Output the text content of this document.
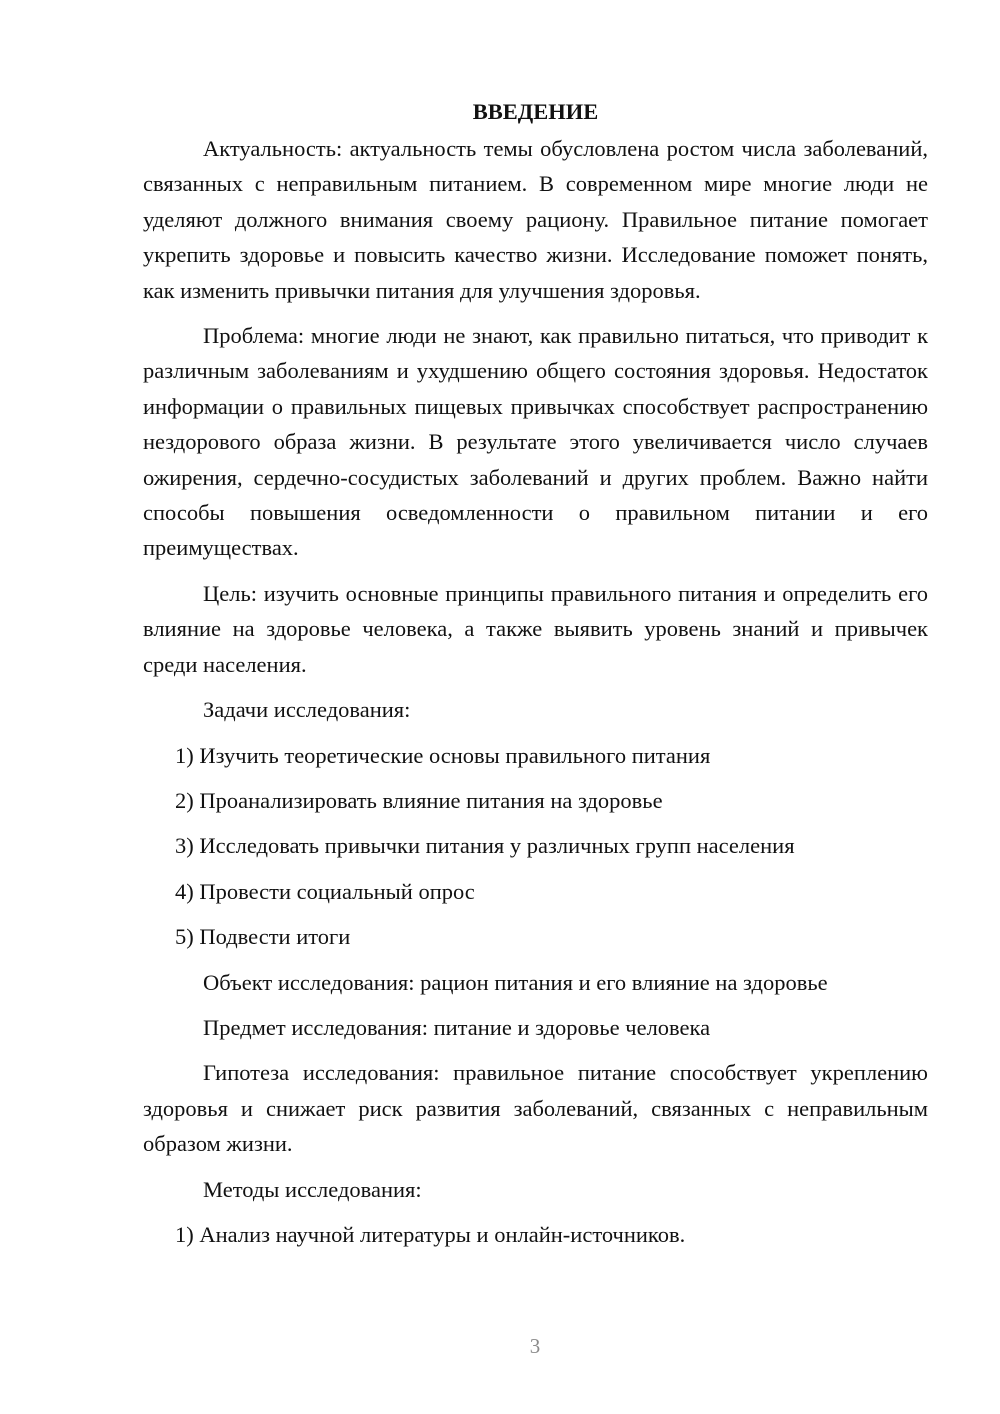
ВВЕДЕНИЕ

Актуальность: актуальность темы обусловлена ростом числа заболеваний, связанных с неправильным питанием. В современном мире многие люди не уделяют должного внимания своему рациону. Правильное питание помогает укрепить здоровье и повысить качество жизни. Исследование поможет понять, как изменить привычки питания для улучшения здоровья.

Проблема: многие люди не знают, как правильно питаться, что приводит к различным заболеваниям и ухудшению общего состояния здоровья. Недостаток информации о правильных пищевых привычках способствует распространению нездорового образа жизни. В результате этого увеличивается число случаев ожирения, сердечно-сосудистых заболеваний и других проблем. Важно найти способы повышения осведомленности о правильном питании и его преимуществах.

Цель: изучить основные принципы правильного питания и определить его влияние на здоровье человека, а также выявить уровень знаний и привычек среди населения.

Задачи исследования:

1) Изучить теоретические основы правильного питания

2) Проанализировать влияние питания на здоровье

3) Исследовать привычки питания у различных групп населения

4) Провести социальный опрос

5) Подвести итоги

Объект исследования: рацион питания и его влияние на здоровье

Предмет исследования: питание и здоровье человека

Гипотеза исследования: правильное питание способствует укреплению здоровья и снижает риск развития заболеваний, связанных с неправильным образом жизни.

Методы исследования:

1) Анализ научной литературы и онлайн-источников.

3
